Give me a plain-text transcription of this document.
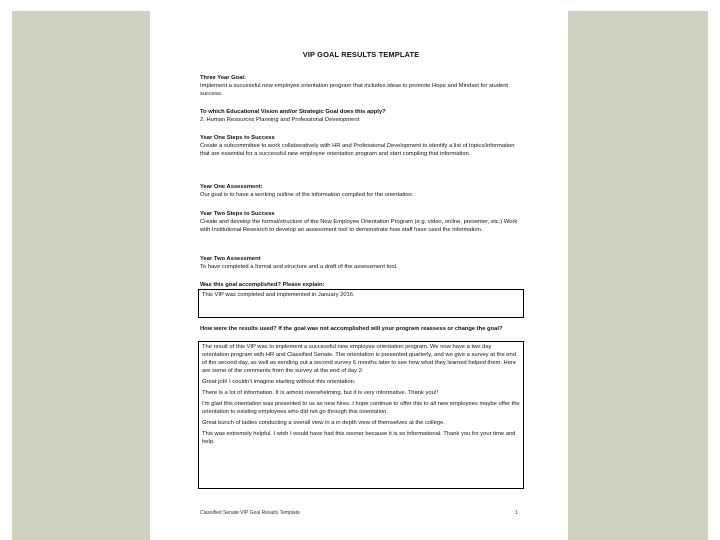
VIP GOAL RESULTS TEMPLATE
Three Year Goal:
Implement a successful new employee orientation program that includes ideas to promote Hope and Mindset for student success.
To which Educational Vision and/or Strategic Goal does this apply?
2. Human Resources Planning and Professional Development
Year One Steps to Success
Create a subcommittee to work collaboratively with HR and Professional Development to identify a list of topics/information that are essential for a successful new employee orientation program and start compiling that information.
Year One Assessment:
Our goal is to have a working outline of the information compiled for the orientation.
Year Two Steps to Success
Create and develop the format/structure of the New Employee Orientation Program (e.g. video, online, presenter, etc.) Work with Institutional Research to develop an assessment tool to demonstrate how staff have used the information.
Year Two Assessment
To have completed a format and structure and a draft of the assessment tool.
Was this goal accomplished? Please explain:

This VIP was completed and implemented in January 2016.

How were the results used? If the goal was not accomplished will your program reassess or change the goal?

The result of this VIP was to implement a successful new employee orientation program. We now have a two day orientation program with HR and Classified Senate. The orientation is presented quarterly, and we give a survey at the end of the second day, as well as sending out a second survey 6 months later to see how what they learned helped them. Here are some of the comments from the survey at the end of day 2:

Great job! I couldn't imagine starting without this orientation.

There is a lot of information. It is almost overwhelming, but it is very informative. Thank you!!

I'm glad this orientation was presented to us as new hires. I hope continue to offer this to all new employees maybe offer the orientation to existing employees who did not go through this orientation.

Great bunch of ladies conducting a overall view in a in depth view of themselves at the college.

This was extremely helpful. I wish I would have had this sooner because it is so informational. Thank you for your time and help.

Classified Senate VIP Goal Results Template	1
